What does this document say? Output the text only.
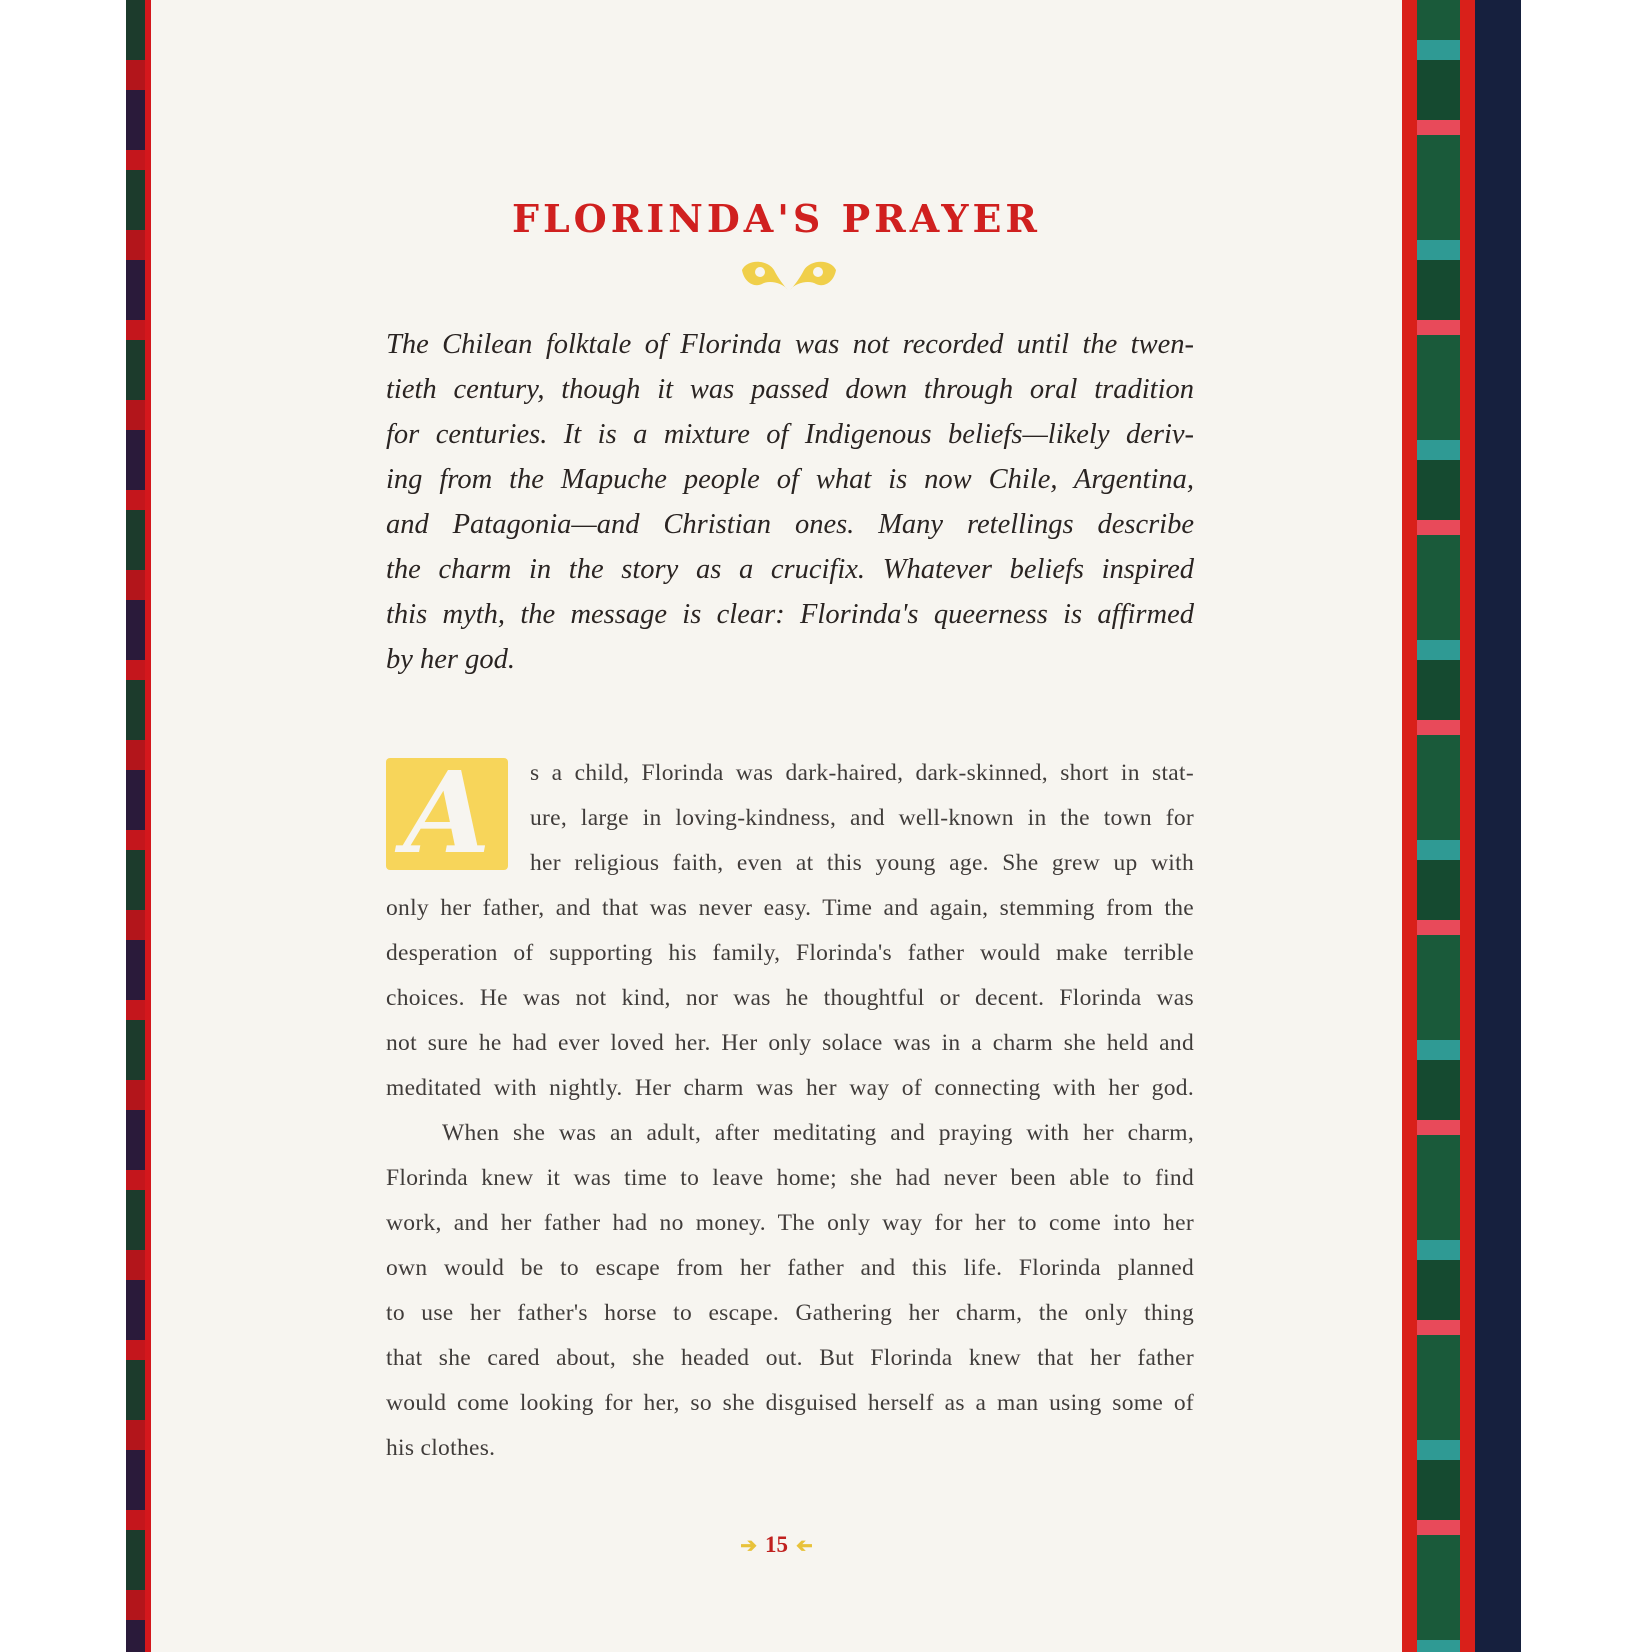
FLORINDA'S PRAYER
The Chilean folktale of Florinda was not recorded until the twen-
tieth century, though it was passed down through oral tradition
for centuries. It is a mixture of Indigenous beliefs—likely deriv-
ing from the Mapuche people of what is now Chile, Argentina,
and Patagonia—and Christian ones. Many retellings describe
the charm in the story as a crucifix. Whatever beliefs inspired
this myth, the message is clear: Florinda's queerness is affirmed
by her god.
A	s a child, Florinda was dark-haired, dark-skinned, short in stat-
ure, large in loving-kindness, and well-known in the town for
her religious faith, even at this young age. She grew up with
only her father, and that was never easy. Time and again, stemming from the
desperation of supporting his family, Florinda's father would make terrible
choices. He was not kind, nor was he thoughtful or decent. Florinda was
not sure he had ever loved her. Her only solace was in a charm she held and
meditated with nightly. Her charm was her way of connecting with her god.
When she was an adult, after meditating and praying with her charm,
Florinda knew it was time to leave home; she had never been able to find
work, and her father had no money. The only way for her to come into her
own would be to escape from her father and this life. Florinda planned
to use her father's horse to escape. Gathering her charm, the only thing
that she cared about, she headed out. But Florinda knew that her father
would come looking for her, so she disguised herself as a man using some of
his clothes.
➔ 15 ➔
